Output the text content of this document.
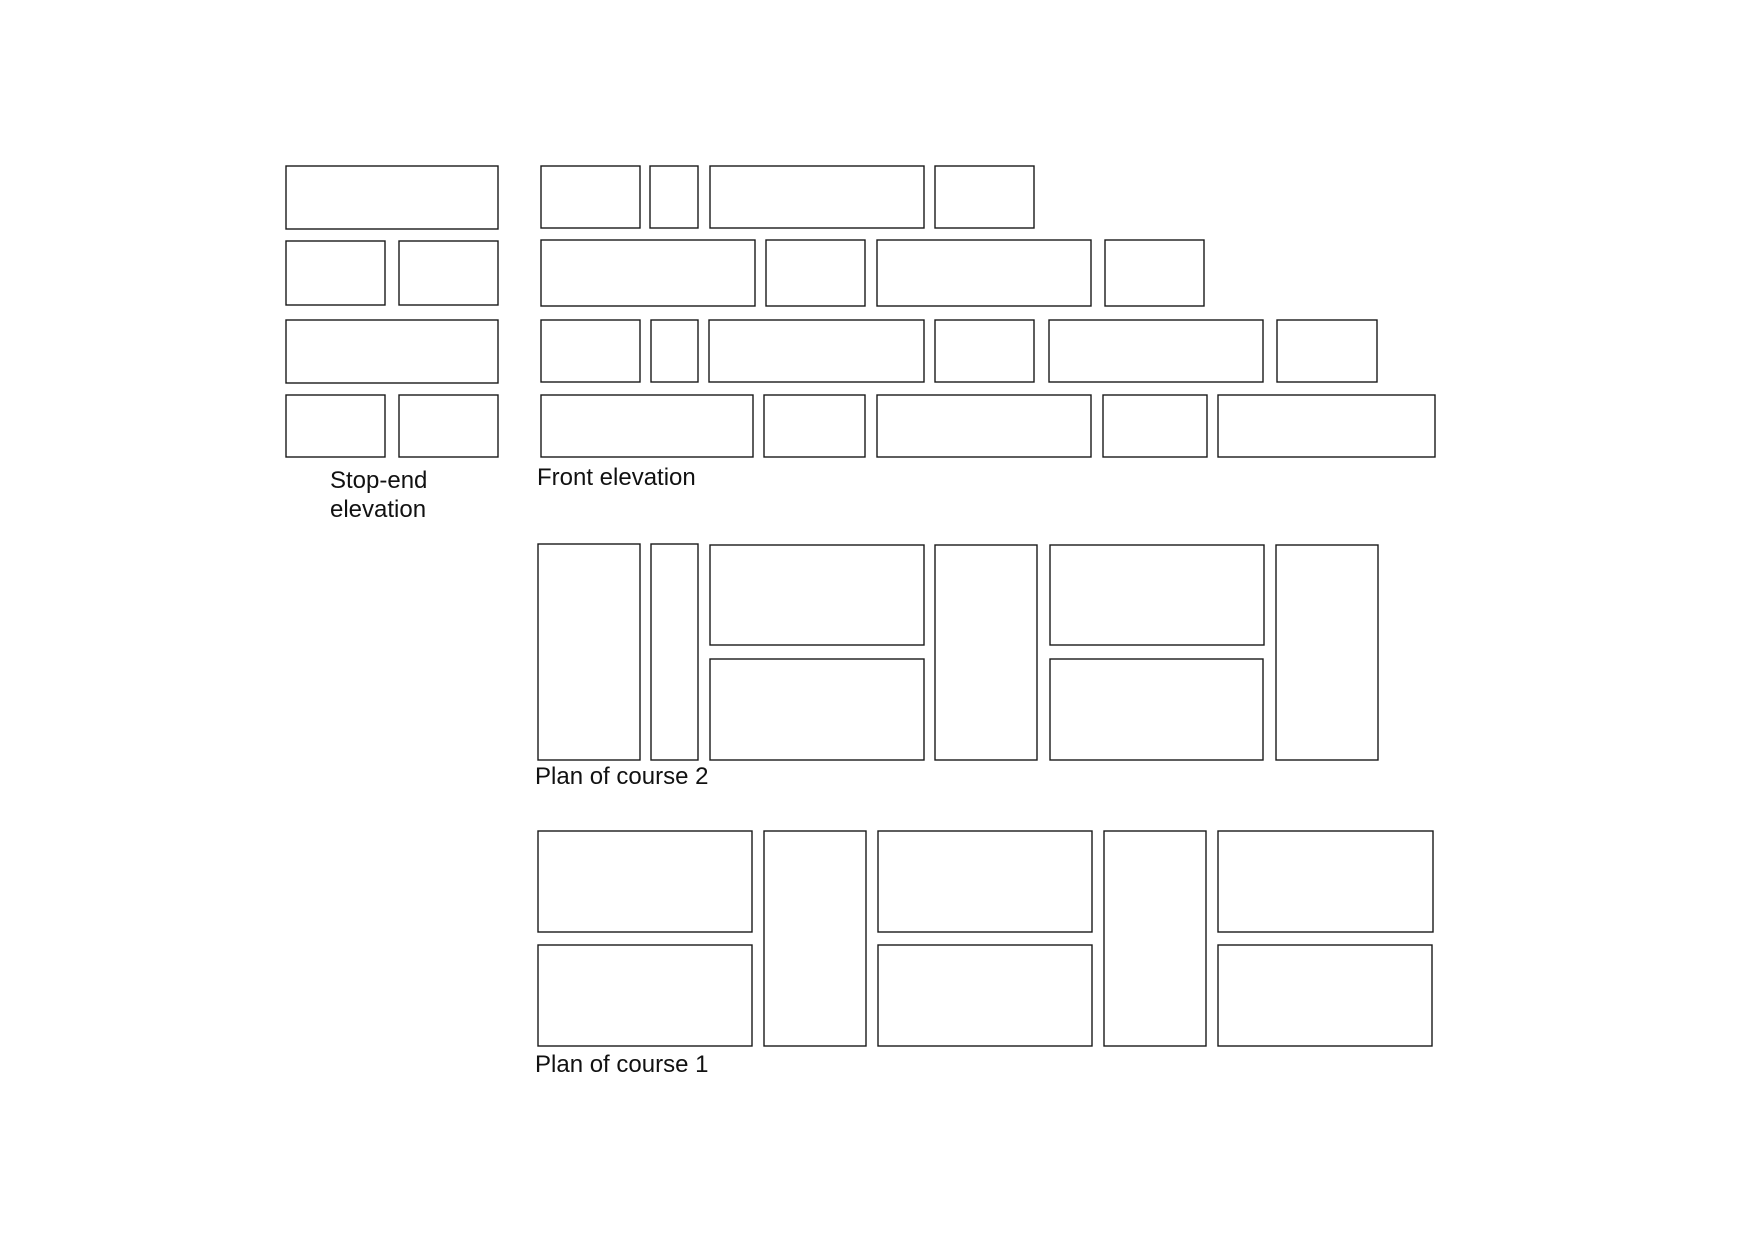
Stop-end
elevation
Front elevation
Plan of course 2
Plan of course 1
